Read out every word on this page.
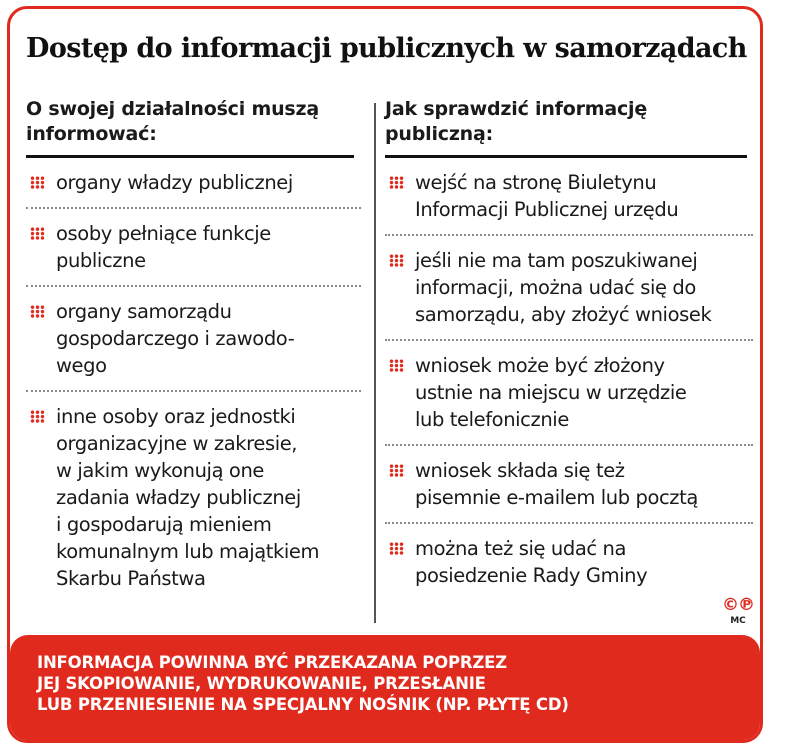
Dostęp do informacji publicznych w samorządach
O swojej działalności muszą
informować:
organy władzy publicznej
osoby pełniące funkcje
publiczne
organy samorządu
gospodarczego i zawodo-
wego
inne osoby oraz jednostki
organizacyjne w zakresie,
w jakim wykonują one
zadania władzy publicznej
i gospodarują mieniem
komunalnym lub majątkiem
Skarbu Państwa
Jak sprawdzić informację
publiczną:
wejść na stronę Biuletynu
Informacji Publicznej urzędu
jeśli nie ma tam poszukiwanej
informacji, można udać się do
samorządu, aby złożyć wniosek
wniosek może być złożony
ustnie na miejscu w urzędzie
lub telefonicznie
wniosek składa się też
pisemnie e-mailem lub pocztą
można też się udać na
posiedzenie Rady Gminy
©℗
MC
INFORMACJA POWINNA BYĆ PRZEKAZANA POPRZEZ
JEJ SKOPIOWANIE, WYDRUKOWANIE, PRZESŁANIE
LUB PRZENIESIENIE NA SPECJALNY NOŚNIK (NP. PŁYTĘ CD)
